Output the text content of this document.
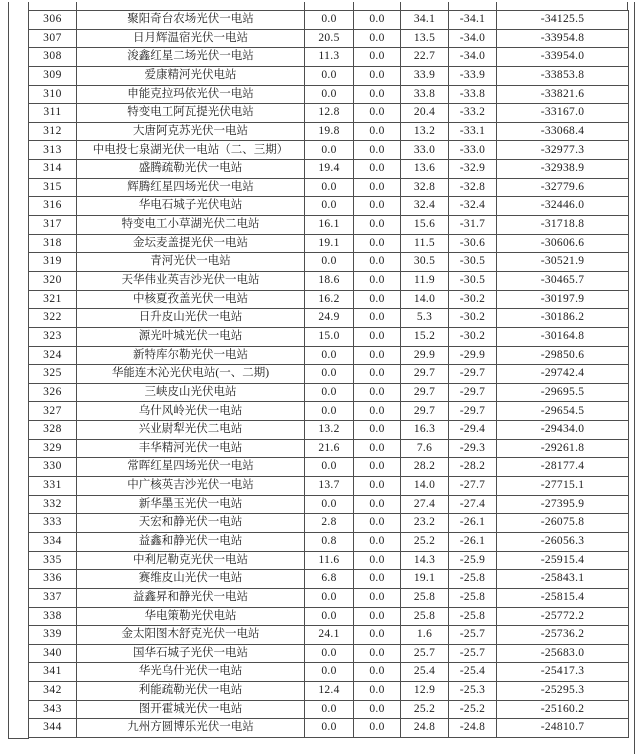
306	聚阳奇台农场光伏一电站	0.0	0.0	34.1	-34.1	-34125.5
307	日月辉温宿光伏一电站	20.5	0.0	13.5	-34.0	-33954.8
308	浚鑫红星二场光伏一电站	11.3	0.0	22.7	-34.0	-33954.0
309	爱康精河光伏电站	0.0	0.0	33.9	-33.9	-33853.8
310	申能克拉玛依光伏一电站	0.0	0.0	33.8	-33.8	-33821.6
311	特变电工阿瓦提光伏电站	12.8	0.0	20.4	-33.2	-33167.0
312	大唐阿克苏光伏一电站	19.8	0.0	13.2	-33.1	-33068.4
313	中电投七泉湖光伏一电站（二、三期）	0.0	0.0	33.0	-33.0	-32977.3
314	盛腾疏勒光伏一电站	19.4	0.0	13.6	-32.9	-32938.9
315	辉腾红星四场光伏一电站	0.0	0.0	32.8	-32.8	-32779.6
316	华电石城子光伏电站	0.0	0.0	32.4	-32.4	-32446.0
317	特变电工小草湖光伏二电站	16.1	0.0	15.6	-31.7	-31718.8
318	金坛麦盖提光伏一电站	19.1	0.0	11.5	-30.6	-30606.6
319	青河光伏一电站	0.0	0.0	30.5	-30.5	-30521.9
320	天华伟业英吉沙光伏一电站	18.6	0.0	11.9	-30.5	-30465.7
321	中核夏孜盖光伏一电站	16.2	0.0	14.0	-30.2	-30197.9
322	日升皮山光伏一电站	24.9	0.0	5.3	-30.2	-30186.2
323	源光叶城光伏一电站	15.0	0.0	15.2	-30.2	-30164.8
324	新特库尔勒光伏一电站	0.0	0.0	29.9	-29.9	-29850.6
325	华能连木沁光伏电站(一、二期)	0.0	0.0	29.7	-29.7	-29742.4
326	三峡皮山光伏电站	0.0	0.0	29.7	-29.7	-29695.5
327	乌什风岭光伏一电站	0.0	0.0	29.7	-29.7	-29654.5
328	兴业尉犁光伏二电站	13.2	0.0	16.3	-29.4	-29434.0
329	丰华精河光伏一电站	21.6	0.0	7.6	-29.3	-29261.8
330	常晖红星四场光伏一电站	0.0	0.0	28.2	-28.2	-28177.4
331	中广核英吉沙光伏一电站	13.7	0.0	14.0	-27.7	-27715.1
332	新华墨玉光伏一电站	0.0	0.0	27.4	-27.4	-27395.9
333	天宏和静光伏一电站	2.8	0.0	23.2	-26.1	-26075.8
334	益鑫和静光伏一电站	0.8	0.0	25.2	-26.1	-26056.3
335	中利尼勒克光伏一电站	11.6	0.0	14.3	-25.9	-25915.4
336	赛维皮山光伏一电站	6.8	0.0	19.1	-25.8	-25843.1
337	益鑫昇和静光伏一电站	0.0	0.0	25.8	-25.8	-25815.4
338	华电策勒光伏电站	0.0	0.0	25.8	-25.8	-25772.2
339	金太阳图木舒克光伏一电站	24.1	0.0	1.6	-25.7	-25736.2
340	国华石城子光伏一电站	0.0	0.0	25.7	-25.7	-25683.0
341	华光乌什光伏一电站	0.0	0.0	25.4	-25.4	-25417.3
342	利能疏勒光伏一电站	12.4	0.0	12.9	-25.3	-25295.3
343	图开霍城光伏一电站	0.0	0.0	25.2	-25.2	-25160.2
344	九州方圆博乐光伏一电站	0.0	0.0	24.8	-24.8	-24810.7
